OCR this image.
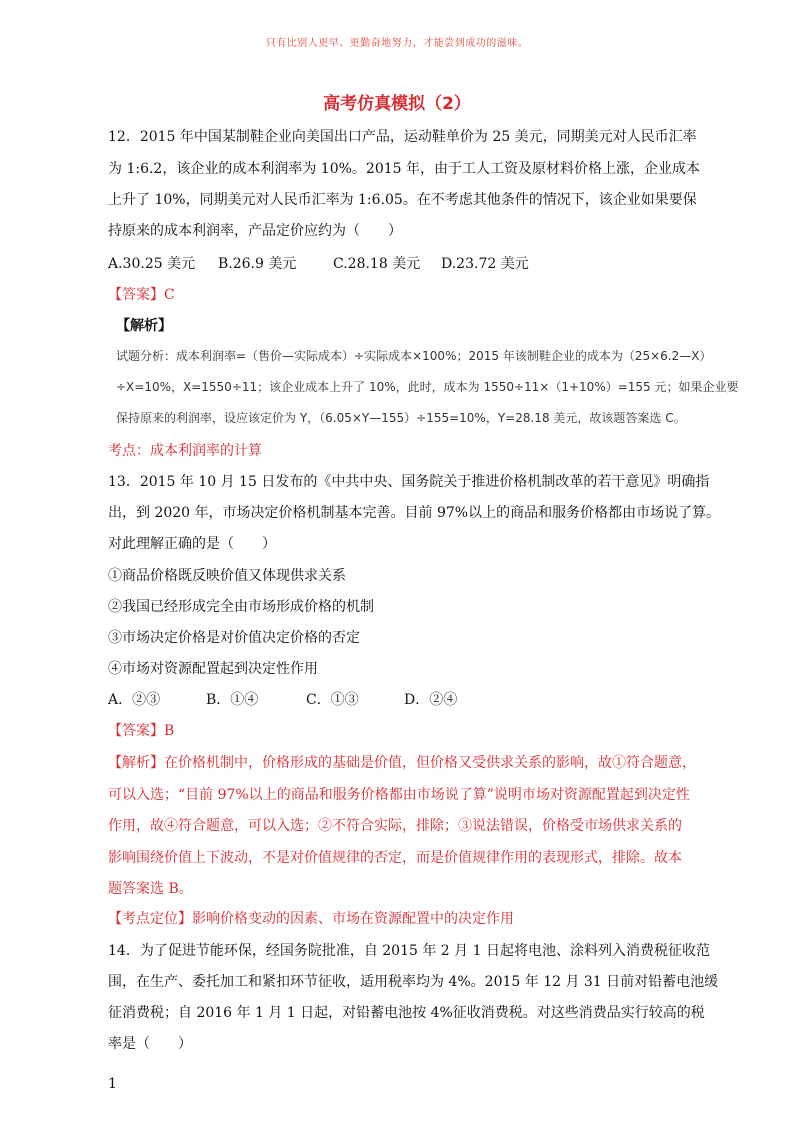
只有比别人更早、更勤奋地努力，才能尝到成功的滋味。
高考仿真模拟（2）
12．2015 年中国某制鞋企业向美国出口产品，运动鞋单价为 25 美元，同期美元对人民币汇率
为 1:6.2，该企业的成本利润率为 10%。2015 年，由于工人工资及原材料价格上涨，企业成本
上升了 10%，同期美元对人民币汇率为 1:6.05。在不考虑其他条件的情况下，该企业如果要保
持原来的成本利润率，产品定价应约为（　　）
A.30.25 美元 B.26.9 美元	C.28.18 美元 D.23.72 美元
【答案】C
【解析】
试题分析：成本利润率=（售价—实际成本）÷实际成本×100%；2015 年该制鞋企业的成本为（25×6.2—X）
÷X=10%，X=1550÷11；该企业成本上升了 10%，此时，成本为 1550÷11×（1+10%）=155 元；如果企业要
保持原来的利润率，设应该定价为 Y，（6.05×Y—155）÷155=10%，Y=28.18 美元，故该题答案选 C。
考点：成本利润率的计算
13．2015 年 10 月 15 日发布的《中共中央、国务院关于推进价格机制改革的若干意见》明确指
出，到 2020 年，市场决定价格机制基本完善。目前 97%以上的商品和服务价格都由市场说了算。
对此理解正确的是（　　）
①商品价格既反映价值又体现供求关系
②我国已经形成完全由市场形成价格的机制
③市场决定价格是对价值决定价格的否定
④市场对资源配置起到决定性作用
A．②③	B．①④	C．①③	D．②④
【答案】B
【解析】在价格机制中，价格形成的基础是价值，但价格又受供求关系的影响，故①符合题意，
可以入选；“目前 97%以上的商品和服务价格都由市场说了算”说明市场对资源配置起到决定性
作用，故④符合题意，可以入选；②不符合实际，排除；③说法错误，价格受市场供求关系的
影响围绕价值上下波动，不是对价值规律的否定，而是价值规律作用的表现形式，排除。故本
题答案选 B。
【考点定位】影响价格变动的因素、市场在资源配置中的决定作用
14．为了促进节能环保，经国务院批准，自 2015 年 2 月 1 日起将电池、涂料列入消费税征收范
围，在生产、委托加工和紧扣环节征收，适用税率均为 4%。2015 年 12 月 31 日前对铅蓄电池缓
征消费税；自 2016 年 1 月 1 日起，对铅蓄电池按 4%征收消费税。对这些消费品实行较高的税
率是（　　）
1
